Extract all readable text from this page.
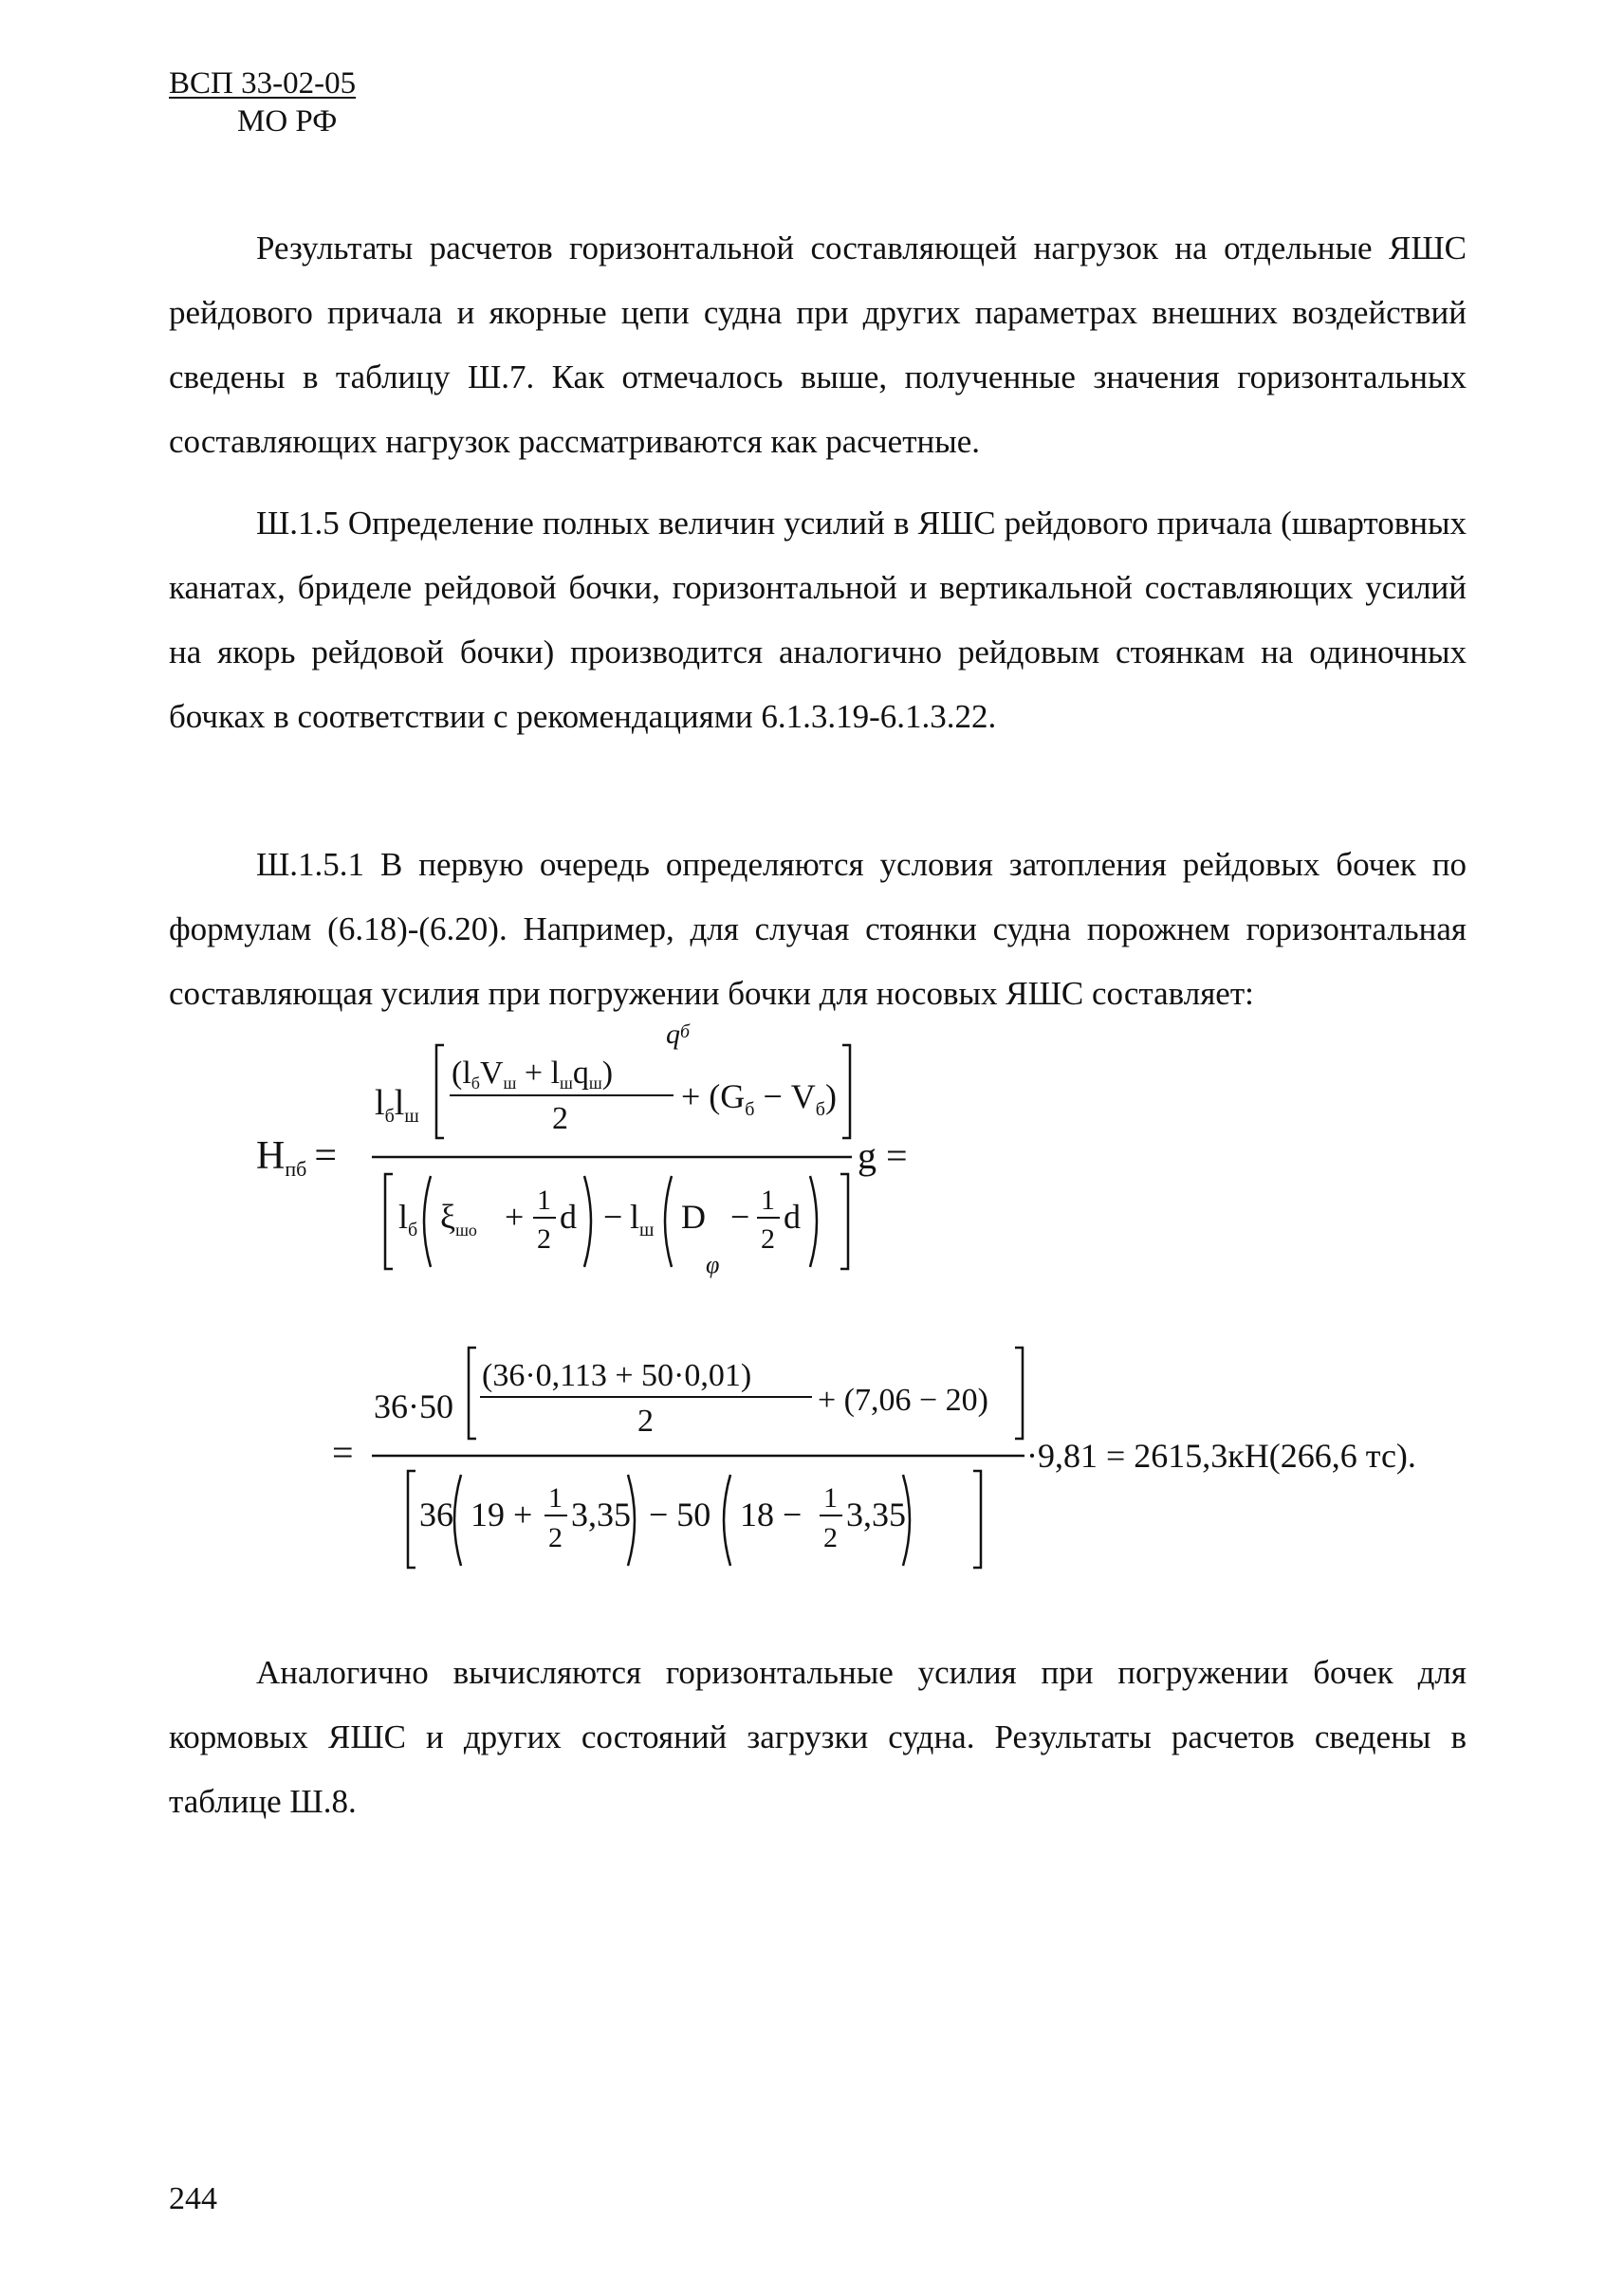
ВСП 33-02-05
МО РФ

Результаты расчетов горизонтальной составляющей нагрузок на отдельные ЯШС рейдового причала и якорные цепи судна при других параметрах внешних воздействий сведены в таблицу Ш.7. Как отмечалось выше, полученные значения горизонтальных составляющих нагрузок рассматриваются как расчетные.

Ш.1.5 Определение полных величин усилий в ЯШС рейдового причала (швартовных канатах, бриделе рейдовой бочки, горизонтальной и вертикальной составляющих усилий на якорь рейдовой бочки) производится аналогично рейдовым стоянкам на одиночных бочках в соответствии с рекомендациями 6.1.3.19-6.1.3.22.

Ш.1.5.1 В первую очередь определяются условия затопления рейдовых бочек по формулам (6.18)-(6.20). Например, для случая стоянки судна порожнем горизонтальная составляющая усилия при погружении бочки для носовых ЯШС составляет:

$q^б$
Hпб =
$l_бl_ш$
(lбVш + lшqш)
2
+ $(G_б - V_б)$
g =
$l_б$ $\xi_{шо} + 1$
2
$d - l_ш$ D
φ
− 1
2
d
=
36·50
(36·0,113 + 50·0,01)
2
+ (7,06 − 20)
·9,81 = 2615,3кН(266,6 тс).
36 19 + 1
2
3,35 − 50 18 − 1
2
3,35

Аналогично вычисляются горизонтальные усилия при погружении бочек для кормовых ЯШС и других состояний загрузки судна. Результаты расчетов сведены в таблице Ш.8.

244
